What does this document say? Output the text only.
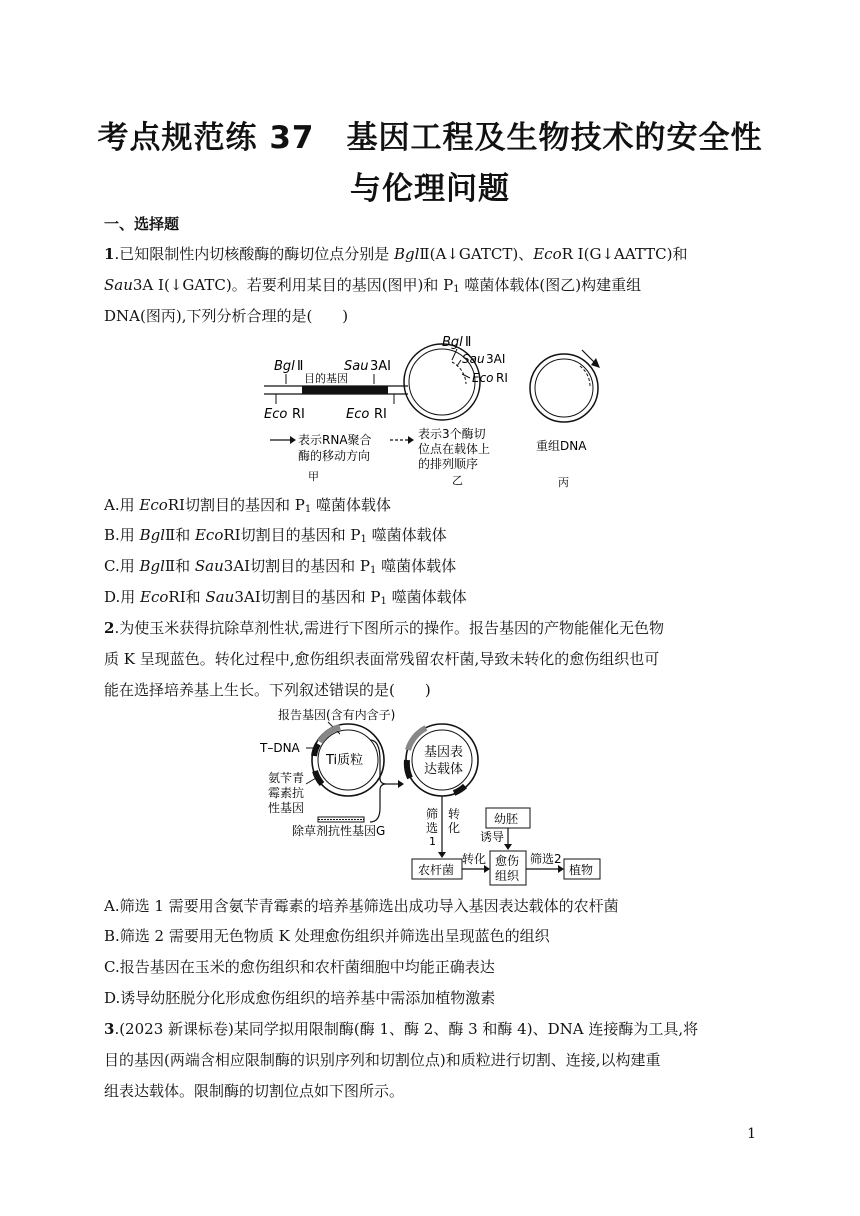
考点规范练 37　基因工程及生物技术的安全性
与伦理问题
一、选择题
1.已知限制性内切核酸酶的酶切位点分别是 BglⅡ(A↓GATCT)、EcoR Ⅰ(G↓AATTC)和
Sau3A Ⅰ(↓GATC)。若要利用某目的基因(图甲)和 $P_1$ 噬菌体载体(图乙)构建重组
DNA(图丙),下列分析合理的是(　　)
Bgl Ⅱ	Sau 3AⅠ
目的基因
Eco RⅠ	Eco RⅠ
表示RNA聚合
酶的移动方向
甲
Bgl Ⅱ
Sau 3AⅠ
Eco RⅠ
表示3个酶切
位点在载体上
的排列顺序
乙
重组DNA
丙
A.用 EcoRⅠ切割目的基因和 $P_1$ 噬菌体载体
B.用 BglⅡ和 EcoRⅠ切割目的基因和 $P_1$ 噬菌体载体
C.用 BglⅡ和 Sau3AⅠ切割目的基因和 $P_1$ 噬菌体载体
D.用 EcoRⅠ和 Sau3AⅠ切割目的基因和 $P_1$ 噬菌体载体
2.为使玉米获得抗除草剂性状,需进行下图所示的操作。报告基因的产物能催化无色物
质 K 呈现蓝色。转化过程中,愈伤组织表面常残留农杆菌,导致未转化的愈伤组织也可
能在选择培养基上生长。下列叙述错误的是(　　)
报告基因(含有内含子)
T–DNA
Ti质粒
氨苄青
霉素抗
性基因
除草剂抗性基因G
基因表
达载体
筛
选
1
转
化
幼胚
诱导
农杆菌
转化 愈伤
组织
筛选2
植物
A.筛选 1 需要用含氨苄青霉素的培养基筛选出成功导入基因表达载体的农杆菌
B.筛选 2 需要用无色物质 K 处理愈伤组织并筛选出呈现蓝色的组织
C.报告基因在玉米的愈伤组织和农杆菌细胞中均能正确表达
D.诱导幼胚脱分化形成愈伤组织的培养基中需添加植物激素
3.(2023 新课标卷)某同学拟用限制酶(酶 1、酶 2、酶 3 和酶 4)、DNA 连接酶为工具,将
目的基因(两端含相应限制酶的识别序列和切割位点)和质粒进行切割、连接,以构建重
组表达载体。限制酶的切割位点如下图所示。
1
